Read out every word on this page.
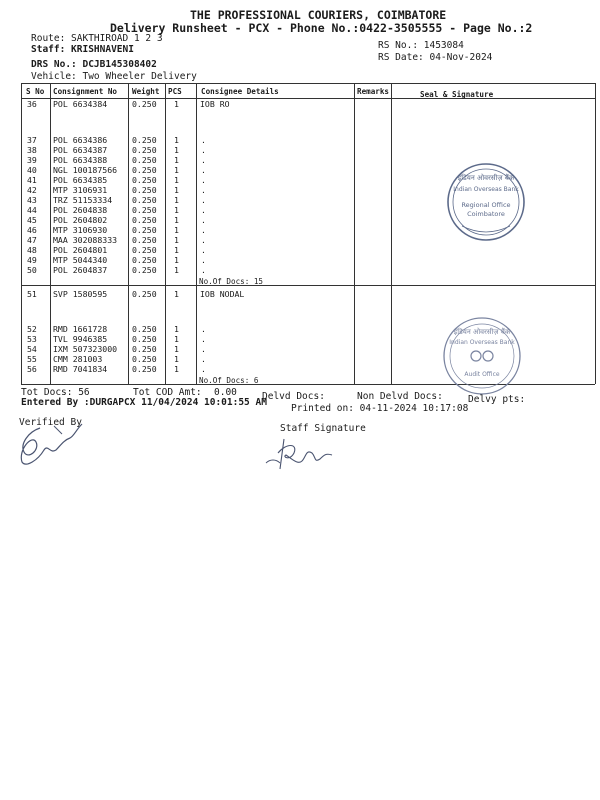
THE PROFESSIONAL COURIERS, COIMBATORE
Delivery Runsheet - PCX - Phone No.:0422-3505555 - Page No.:2
Route: SAKTHIROAD 1 2 3
Staff: KRISHNAVENI	RS No.: 1453084
RS Date: 04-Nov-2024
DRS No.: DCJB145308402
Vehicle: Two Wheeler Delivery
S No Consignment No Weight PCS	Consignee Details	Remarks	Seal & Signature
36 POL 6634384	0.250 1	IOB RO
37 POL 6634386	0.250 1	.
38 POL 6634387	0.250 1	.
39 POL 6634388	0.250 1	.
40 NGL 100187566 0.250 1	.
41 POL 6634385	0.250 1	.
42 MTP 3106931	0.250 1	.
43 TRZ 51153334 0.250 1	.
44 POL 2604838	0.250 1	.
45 POL 2604802	0.250 1	.
46 MTP 3106930	0.250 1	.
47 MAA 302088333 0.250 1	.
48 POL 2604801	0.250 1	.
49 MTP 5044340	0.250 1	.
50 POL 2604837	0.250 1	.
No.Of Docs: 15
51 SVP 1580595	0.250 1	IOB NODAL
52 RMD 1661728	0.250 1	.
53 TVL 9946385	0.250 1	.
54 IXM 507323000 0.250 1	.
55 CMM 281003	0.250 1	.
56 RMD 7041834	0.250 1	.
No.Of Docs: 6
इंडियन ओवरसीज़ बैंक
Indian Overseas Bank
Regional Office
Coimbatore
इंडियन ओवरसीज़ बैंक
Indian Overseas Bank
Audit Office
Tot Docs: 56	Tot COD Amt: 0.00	Delvd Docs:	Non Delvd Docs:	Delvy pts:
Entered By :DURGAPCX 11/04/2024 10:01:55 AM
Printed on: 04-11-2024 10:17:08
Verified By
Staff Signature
